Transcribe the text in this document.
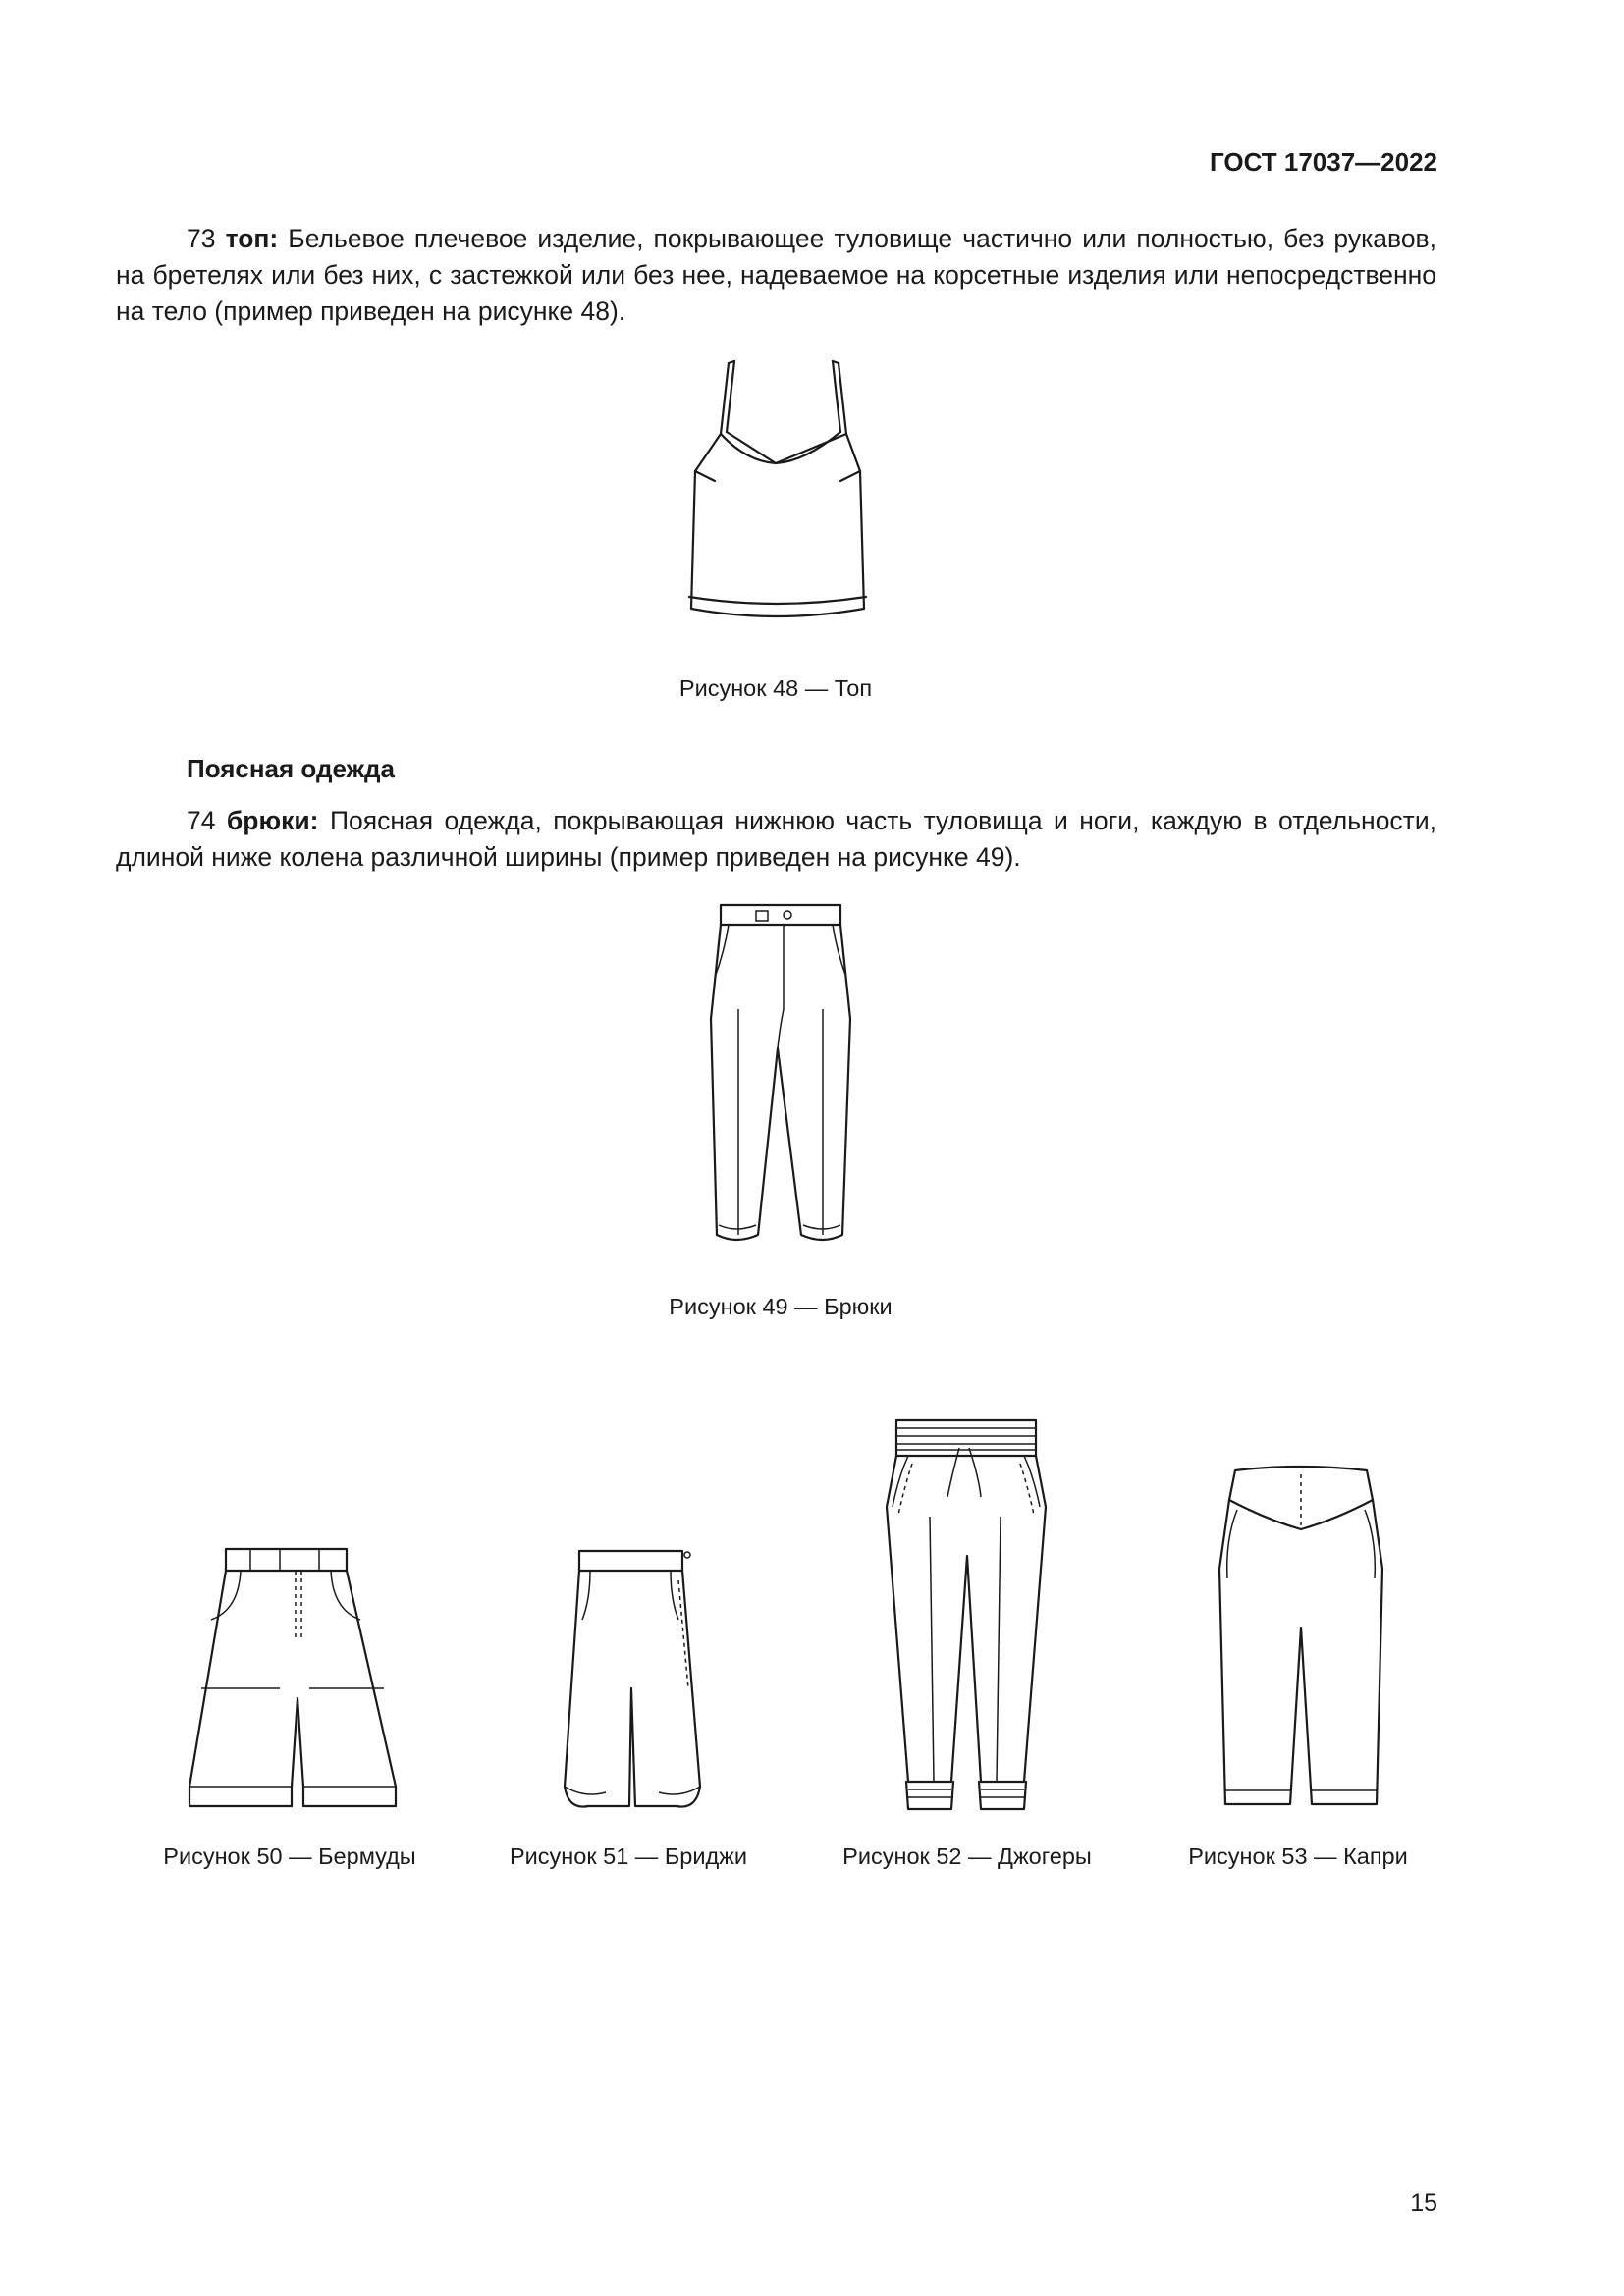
ГОСТ 17037—2022
73 топ: Бельевое плечевое изделие, покрывающее туловище частично или полностью, без рукавов, на бретелях или без них, с застежкой или без нее, надеваемое на корсетные изделия или непосредственно на тело (пример приведен на рисунке 48).
Рисунок 48 — Топ
Поясная одежда
74 брюки: Поясная одежда, покрывающая нижнюю часть туловища и ноги, каждую в отдельности, длиной ниже колена различной ширины (пример приведен на рисунке 49).
Рисунок 49 — Брюки
Рисунок 50 — Бермуды	Рисунок 51 — Бриджи	Рисунок 52 — Джогеры	Рисунок 53 — Капри
15
